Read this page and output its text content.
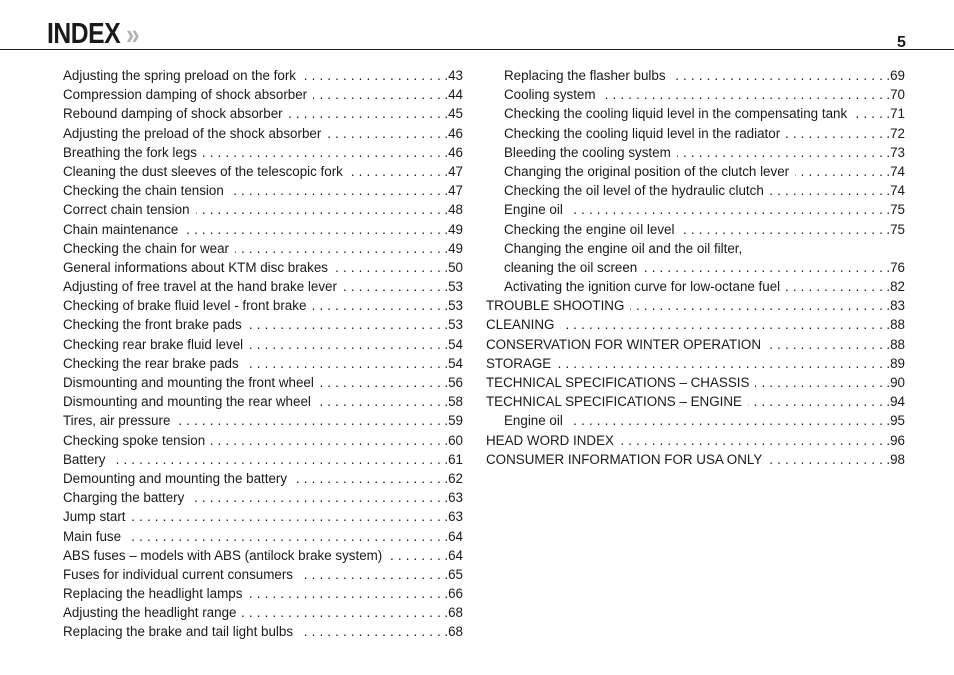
INDEX »	5
Adjusting the spring preload on the fork . . .	.43
Compression damping of shock absorber . . .	.44
Rebound damping of shock absorber . . .	.45
Adjusting the preload of the shock absorber . . .	.46
Breathing the fork legs . . .	.46
Cleaning the dust sleeves of the telescopic fork . . .	.47
Checking the chain tension . . .	.47
Correct chain tension . . .	.48
Chain maintenance . . .	.49
Checking the chain for wear . . .	.49
General informations about KTM disc brakes . . .	.50
Adjusting of free travel at the hand brake lever . . .	.53
Checking of brake fluid level - front brake . . .	.53
Checking the front brake pads . . .	.53
Checking rear brake fluid level . . .	.54
Checking the rear brake pads . . .	.54
Dismounting and mounting the front wheel . . .	.56
Dismounting and mounting the rear wheel . . .	.58
Tires, air pressure . . .	.59
Checking spoke tension . . .	.60
Battery . . .	.61
Demounting and mounting the battery . . .	.62
Charging the battery . . .	.63
Jump start . . .	.63
Main fuse . . .	.64
ABS fuses – models with ABS (antilock brake system) . . .	.64
Fuses for individual current consumers . . .	.65
Replacing the headlight lamps . . .	.66
Adjusting the headlight range . . .	.68
Replacing the brake and tail light bulbs . . .	.68
Replacing the flasher bulbs . . .	.69
Cooling system . . .	.70
Checking the cooling liquid level in the compensating tank . . .	.71
Checking the cooling liquid level in the radiator . . .	.72
Bleeding the cooling system . . .	.73
Changing the original position of the clutch lever . . .	.74
Checking the oil level of the hydraulic clutch . . .	.74
Engine oil . . .	.75
Checking the engine oil level . . .	.75
Changing the engine oil and the oil filter,
cleaning the oil screen . . .	.76
Activating the ignition curve for low-octane fuel . . .	.82
TROUBLE SHOOTING . . .	.83
CLEANING . . .	.88
CONSERVATION FOR WINTER OPERATION . . .	.88
STORAGE . . .	.89
TECHNICAL SPECIFICATIONS – CHASSIS . . .	.90
TECHNICAL SPECIFICATIONS – ENGINE . . .	.94
Engine oil . . .	.95
HEAD WORD INDEX . . .	.96
CONSUMER INFORMATION FOR USA ONLY . . .	.98
